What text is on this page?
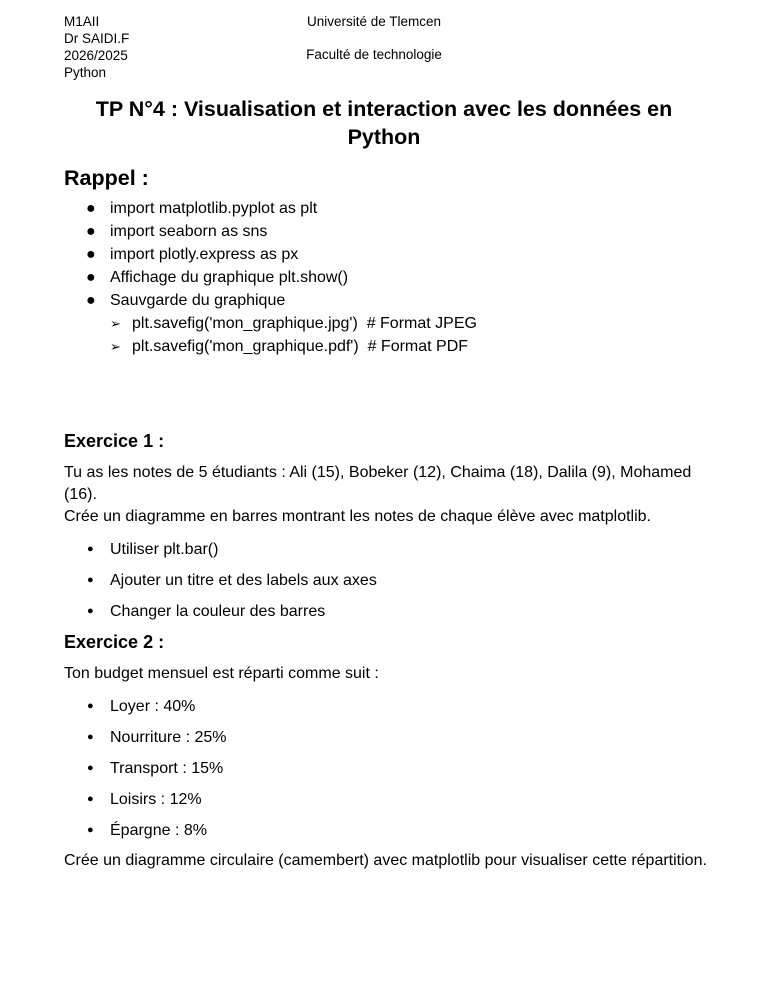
M1AII
Dr SAIDI.F
2026/2025
Python
Université de Tlemcen
Faculté de technologie
TP N°4 : Visualisation et interaction avec les données en Python
Rappel :
● import matplotlib.pyplot as plt
● import seaborn as sns
● import plotly.express as px
● Affichage du graphique plt.show()
● Sauvgarde du graphique
➢ plt.savefig('mon_graphique.jpg')  # Format JPEG
➢ plt.savefig('mon_graphique.pdf')  # Format PDF
Exercice 1 :
Tu as les notes de 5 étudiants : Ali (15), Bobeker (12), Chaima (18), Dalila (9), Mohamed (16).
Crée un diagramme en barres montrant les notes de chaque élève avec matplotlib.
● Utiliser plt.bar()
● Ajouter un titre et des labels aux axes
● Changer la couleur des barres
Exercice 2 :
Ton budget mensuel est réparti comme suit :
● Loyer : 40%
● Nourriture : 25%
● Transport : 15%
● Loisirs : 12%
● Épargne : 8%
Crée un diagramme circulaire (camembert) avec matplotlib pour visualiser cette répartition.
